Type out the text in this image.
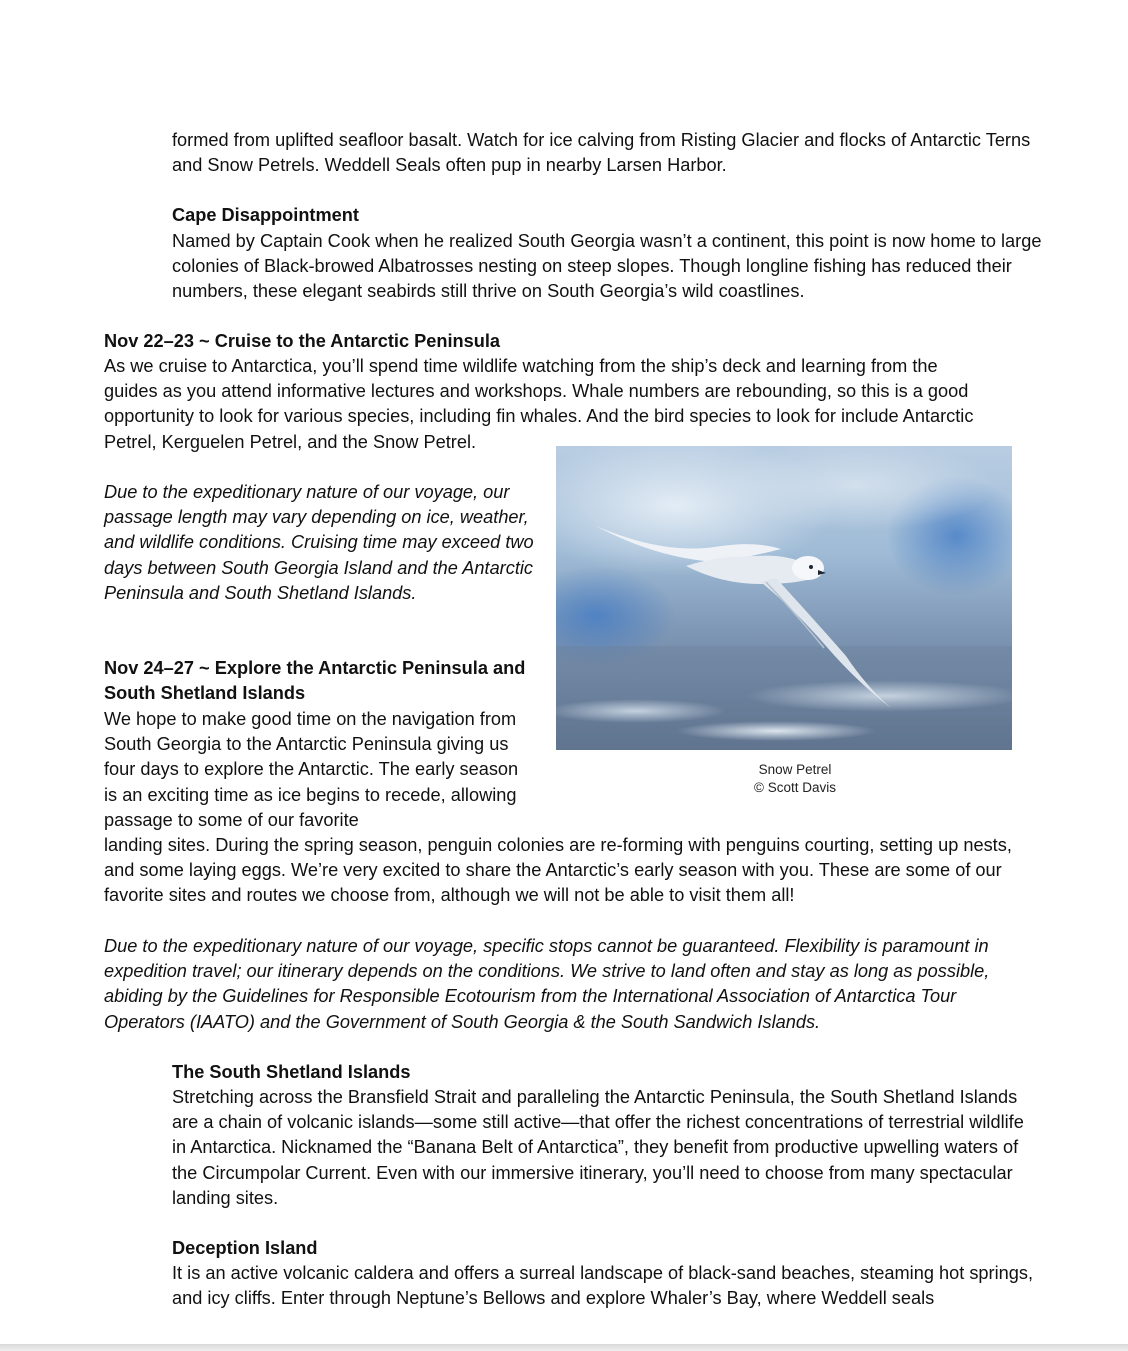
formed from uplifted seafloor basalt. Watch for ice calving from Risting Glacier and flocks of Antarctic Terns and Snow Petrels. Weddell Seals often pup in nearby Larsen Harbor.

Cape Disappointment

Named by Captain Cook when he realized South Georgia wasn’t a continent, this point is now home to large colonies of Black-browed Albatrosses nesting on steep slopes. Though longline fishing has reduced their numbers, these elegant seabirds still thrive on South Georgia’s wild coastlines.

Nov 22–23 ~ Cruise to the Antarctic Peninsula

As we cruise to Antarctica, you’ll spend time wildlife watching from the ship’s deck and learning from the
guides as you attend informative lectures and workshops. Whale numbers are rebounding, so this is a good
opportunity to look for various species, including fin whales. And the bird species to look for include Antarctic
Petrel, Kerguelen Petrel, and the Snow Petrel.

Due to the expeditionary nature of our voyage, our passage length may vary depending on ice, weather, and wildlife conditions. Cruising time may exceed two days between South Georgia Island and the Antarctic Peninsula and South Shetland Islands.

Nov 24–27 ~ Explore the Antarctic Peninsula and South Shetland Islands

We hope to make good time on the navigation from South Georgia to the Antarctic Peninsula giving us four days to explore the Antarctic. The early season is an exciting time as ice begins to recede, allowing passage to some of our favorite

landing sites. During the spring season, penguin colonies are re-forming with penguins courting, setting up nests, and some laying eggs. We’re very excited to share the Antarctic’s early season with you. These are some of our favorite sites and routes we choose from, although we will not be able to visit them all!

Due to the expeditionary nature of our voyage, specific stops cannot be guaranteed. Flexibility is paramount in expedition travel; our itinerary depends on the conditions. We strive to land often and stay as long as possible, abiding by the Guidelines for Responsible Ecotourism from the International Association of Antarctica Tour Operators (IAATO) and the Government of South Georgia & the South Sandwich Islands.

Snow Petrel
© Scott Davis

The South Shetland Islands

Stretching across the Bransfield Strait and paralleling the Antarctic Peninsula, the South Shetland Islands are a chain of volcanic islands—some still active—that offer the richest concentrations of terrestrial wildlife in Antarctica. Nicknamed the “Banana Belt of Antarctica”, they benefit from productive upwelling waters of the Circumpolar Current. Even with our immersive itinerary, you’ll need to choose from many spectacular landing sites.

Deception Island

It is an active volcanic caldera and offers a surreal landscape of black-sand beaches, steaming hot springs, and icy cliffs. Enter through Neptune’s Bellows and explore Whaler’s Bay, where Weddell seals
